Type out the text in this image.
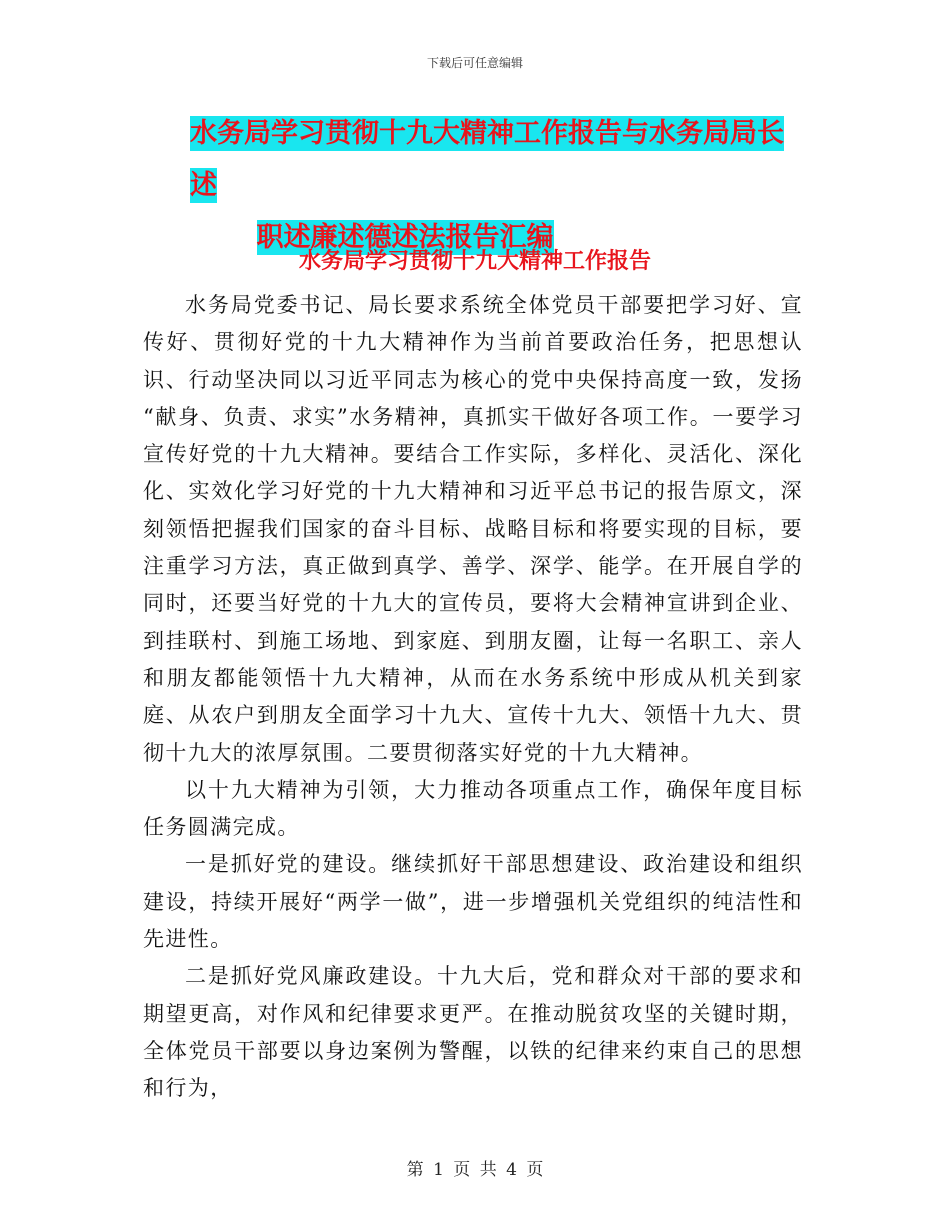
下载后可任意编辑
水务局学习贯彻十九大精神工作报告与水务局局长述
职述廉述德述法报告汇编
水务局学习贯彻十九大精神工作报告

水务局党委书记、局长要求系统全体党员干部要把学习好、宣传好、贯彻好党的十九大精神作为当前首要政治任务，把思想认识、行动坚决同以习近平同志为核心的党中央保持高度一致，发扬 “献身、负责、求实”水务精神，真抓实干做好各项工作。一要学习宣传好党的十九大精神。要结合工作实际，多样化、灵活化、深化化、实效化学习好党的十九大精神和习近平总书记的报告原文，深刻领悟把握我们国家的奋斗目标、战略目标和将要实现的目标，要注重学习方法，真正做到真学、善学、深学、能学。在开展自学的同时，还要当好党的十九大的宣传员，要将大会精神宣讲到企业、到挂联村、到施工场地、到家庭、到朋友圈，让每一名职工、亲人和朋友都能领悟十九大精神，从而在水务系统中形成从机关到家庭、从农户到朋友全面学习十九大、宣传十九大、领悟十九大、贯彻十九大的浓厚氛围。二要贯彻落实好党的十九大精神。

以十九大精神为引领，大力推动各项重点工作，确保年度目标任务圆满完成。

一是抓好党的建设。继续抓好干部思想建设、政治建设和组织建设，持续开展好“两学一做”，进一步增强机关党组织的纯洁性和先进性。

二是抓好党风廉政建设。十九大后，党和群众对干部的要求和期望更高，对作风和纪律要求更严。在推动脱贫攻坚的关键时期，全体党员干部要以身边案例为警醒，以铁的纪律来约束自己的思想和行为，

第 1 页 共 4 页
